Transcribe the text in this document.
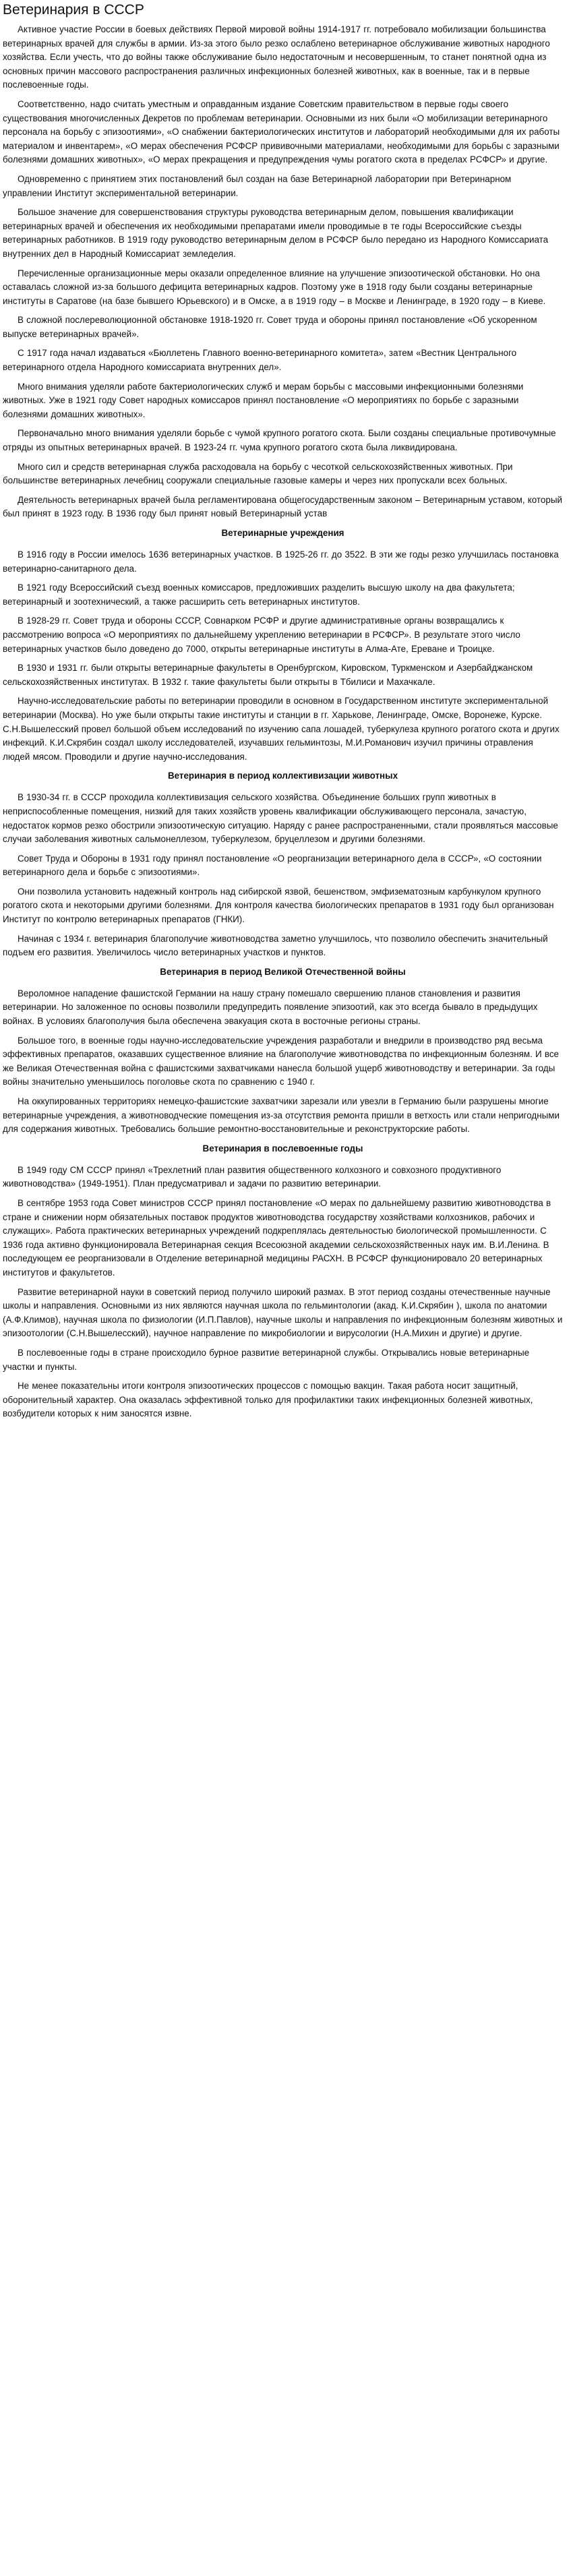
Ветеринария в СССР

Активное участие России в боевых действиях Первой мировой войны 1914-1917 гг. потребовало мобилизации большинства ветеринарных врачей для службы в армии. Из-за этого было резко ослаблено ветеринарное обслуживание животных народного хозяйства. Если учесть, что до войны также обслуживание было недостаточным и несовершенным, то станет понятной одна из основных причин массового распространения различных инфекционных болезней животных, как в военные, так и в первые послевоенные годы.

Соответственно, надо считать уместным и оправданным издание Советским правительством в первые годы своего существования многочисленных Декретов по проблемам ветеринарии. Основными из них были «О мобилизации ветеринарного персонала на борьбу с эпизоотиями», «О снабжении бактериологических институтов и лабораторий необходимыми для их работы материалом и инвентарем», «О мерах обеспечения РСФСР прививочными материалами, необходимыми для борьбы с заразными болезнями домашних животных», «О мерах прекращения и предупреждения чумы рогатого скота в пределах РСФСР» и другие.

Одновременно с принятием этих постановлений был создан на базе Ветеринарной лаборатории при Ветеринарном управлении Институт экспериментальной ветеринарии.

Большое значение для совершенствования структуры руководства ветеринарным делом, повышения квалификации ветеринарных врачей и обеспечения их необходимыми препаратами имели проводимые в те годы Всероссийские съезды ветеринарных работников. В 1919 году руководство ветеринарным делом в РСФСР было передано из Народного Комиссариата внутренних дел в Народный Комиссариат земледелия.

Перечисленные организационные меры оказали определенное влияние на улучшение эпизоотической обстановки. Но она оставалась сложной из-за большого дефицита ветеринарных кадров. Поэтому уже в 1918 году были созданы ветеринарные институты в Саратове (на базе бывшего Юрьевского) и в Омске, а в 1919 году – в Москве и Ленинграде, в 1920 году – в Киеве.

В сложной послереволюционной обстановке 1918-1920 гг. Совет труда и обороны принял постановление «Об ускоренном выпуске ветеринарных врачей».

С 1917 года начал издаваться «Бюллетень Главного военно-ветеринарного комитета», затем «Вестник Центрального ветеринарного отдела Народного комиссариата внутренних дел».

Много внимания уделяли работе бактериологических служб и мерам борьбы с массовыми инфекционными болезнями животных. Уже в 1921 году Совет народных комиссаров принял постановление «О мероприятиях по борьбе с заразными болезнями домашних животных».

Первоначально много внимания уделяли борьбе с чумой крупного рогатого скота. Были созданы специальные противочумные отряды из опытных ветеринарных врачей. В 1923-24 гг. чума крупного рогатого скота была ликвидирована.

Много сил и средств ветеринарная служба расходовала на борьбу с чесоткой сельскохозяйственных животных. При большинстве ветеринарных лечебниц сооружали специальные газовые камеры и через них пропускали всех больных.

Деятельность ветеринарных врачей была регламентирована общегосударственным законом – Ветеринарным уставом, который был принят в 1923 году. В 1936 году был принят новый Ветеринарный устав

Ветеринарные учреждения

В 1916 году в России имелось 1636 ветеринарных участков. В 1925-26 гг. до 3522. В эти же годы резко улучшилась постановка ветеринарно-санитарного дела.

В 1921 году Всероссийский съезд военных комиссаров, предложивших разделить высшую школу на два факультета; ветеринарный и зоотехнический, а также расширить сеть ветеринарных институтов.

В 1928-29 гг. Совет труда и обороны СССР, Совнарком РСФР и другие административные органы возвращались к рассмотрению вопроса «О мероприятиях по дальнейшему укреплению ветеринарии в РСФСР». В результате этого число ветеринарных участков было доведено до 7000, открыты ветеринарные институты в Алма-Ате, Ереване и Троицке.

В 1930 и 1931 гг. были открыты ветеринарные факультеты в Оренбургском, Кировском, Туркменском и Азербайджанском сельскохозяйственных институтах. В 1932 г. такие факультеты были открыты в Тбилиси и Махачкале.

Научно-исследовательские работы по ветеринарии проводили в основном в Государственном институте экспериментальной ветеринарии (Москва). Но уже были открыты такие институты и станции в гг. Харькове, Ленинграде, Омске, Воронеже, Курске. С.Н.Вышелесский провел большой объем исследований по изучению сапа лошадей, туберкулеза крупного рогатого скота и других инфекций. К.И.Скрябин создал школу исследователей, изучавших гельминтозы, М.И.Романович изучил причины отравления людей мясом. Проводили и другие научно-исследования.

Ветеринария в период коллективизации животных

В 1930-34 гг. в СССР проходила коллективизация сельского хозяйства. Объединение больших групп животных в неприспособленные помещения, низкий для таких хозяйств уровень квалификации обслуживающего персонала, зачастую, недостаток кормов резко обострили эпизоотическую ситуацию. Наряду с ранее распространенными, стали проявляться массовые случаи заболевания животных сальмонеллезом, туберкулезом, бруцеллезом и другими болезнями.

Совет Труда и Обороны в 1931 году принял постановление «О реорганизации ветеринарного дела в СССР», «О состоянии ветеринарного дела и борьбе с эпизоотиями».

Они позволила установить надежный контроль над сибирской язвой, бешенством, эмфизематозным карбункулом крупного рогатого скота и некоторыми другими болезнями. Для контроля качества биологических препаратов в 1931 году был организован Институт по контролю ветеринарных препаратов (ГНКИ).

Начиная с 1934 г. ветеринария благополучие животноводства заметно улучшилось, что позволило обеспечить значительный подъем его развития. Увеличилось число ветеринарных участков и пунктов.

Ветеринария в период Великой Отечественной войны

Вероломное нападение фашистской Германии на нашу страну помешало свершению планов становления и развития ветеринарии. Но заложенное по основы позволили предупредить появление эпизоотий, как это всегда бывало в предыдущих войнах. В условиях благополучия была обеспечена эвакуация скота в восточные регионы страны.

Большое того, в военные годы научно-исследовательские учреждения разработали и внедрили в производство ряд весьма эффективных препаратов, оказавших существенное влияние на благополучие животноводства по инфекционным болезням. И все же Великая Отечественная война с фашистскими захватчиками нанесла большой ущерб животноводству и ветеринарии. За годы войны значительно уменьшилось поголовье скота по сравнению с 1940 г.

На оккупированных территориях немецко-фашистские захватчики зарезали или увезли в Германию были разрушены многие ветеринарные учреждения, а животноводческие помещения из-за отсутствия ремонта пришли в ветхость или стали непригодными для содержания животных. Требовались большие ремонтно-восстановительные и реконструкторские работы.

Ветеринария в послевоенные годы

В 1949 году СМ СССР принял «Трехлетний план развития общественного колхозного и совхозного продуктивного животноводства» (1949-1951). План предусматривал и задачи по развитию ветеринарии.

В сентябре 1953 года Совет министров СССР принял постановление «О мерах по дальнейшему развитию животноводства в стране и снижении норм обязательных поставок продуктов животноводства государству хозяйствами колхозников, рабочих и служащих». Работа практических ветеринарных учреждений подкреплялась деятельностью биологической промышленности. С 1936 года активно функционировала Ветеринарная секция Всесоюзной академии сельскохозяйственных наук им. В.И.Ленина. В последующем ее реорганизовали в Отделение ветеринарной медицины РАСХН. В РСФСР функционировало 20 ветеринарных институтов и факультетов.

Развитие ветеринарной науки в советский период получило широкий размах. В этот период созданы отечественные научные школы и направления. Основными из них являются научная школа по гельминтологии (акад. К.И.Скрябин ), школа по анатомии (А.Ф.Климов), научная школа по физиологии (И.П.Павлов), научные школы и направления по инфекционным болезням животных и эпизоотологии (С.Н.Вышелесский), научное направление по микробиологии и вирусологии (Н.А.Михин и другие) и другие.

В послевоенные годы в стране происходило бурное развитие ветеринарной службы. Открывались новые ветеринарные участки и пункты.

Не менее показательны итоги контроля эпизоотических процессов с помощью вакцин. Такая работа носит защитный, оборонительный характер. Она оказалась эффективной только для профилактики таких инфекционных болезней животных, возбудители которых к ним заносятся извне.
